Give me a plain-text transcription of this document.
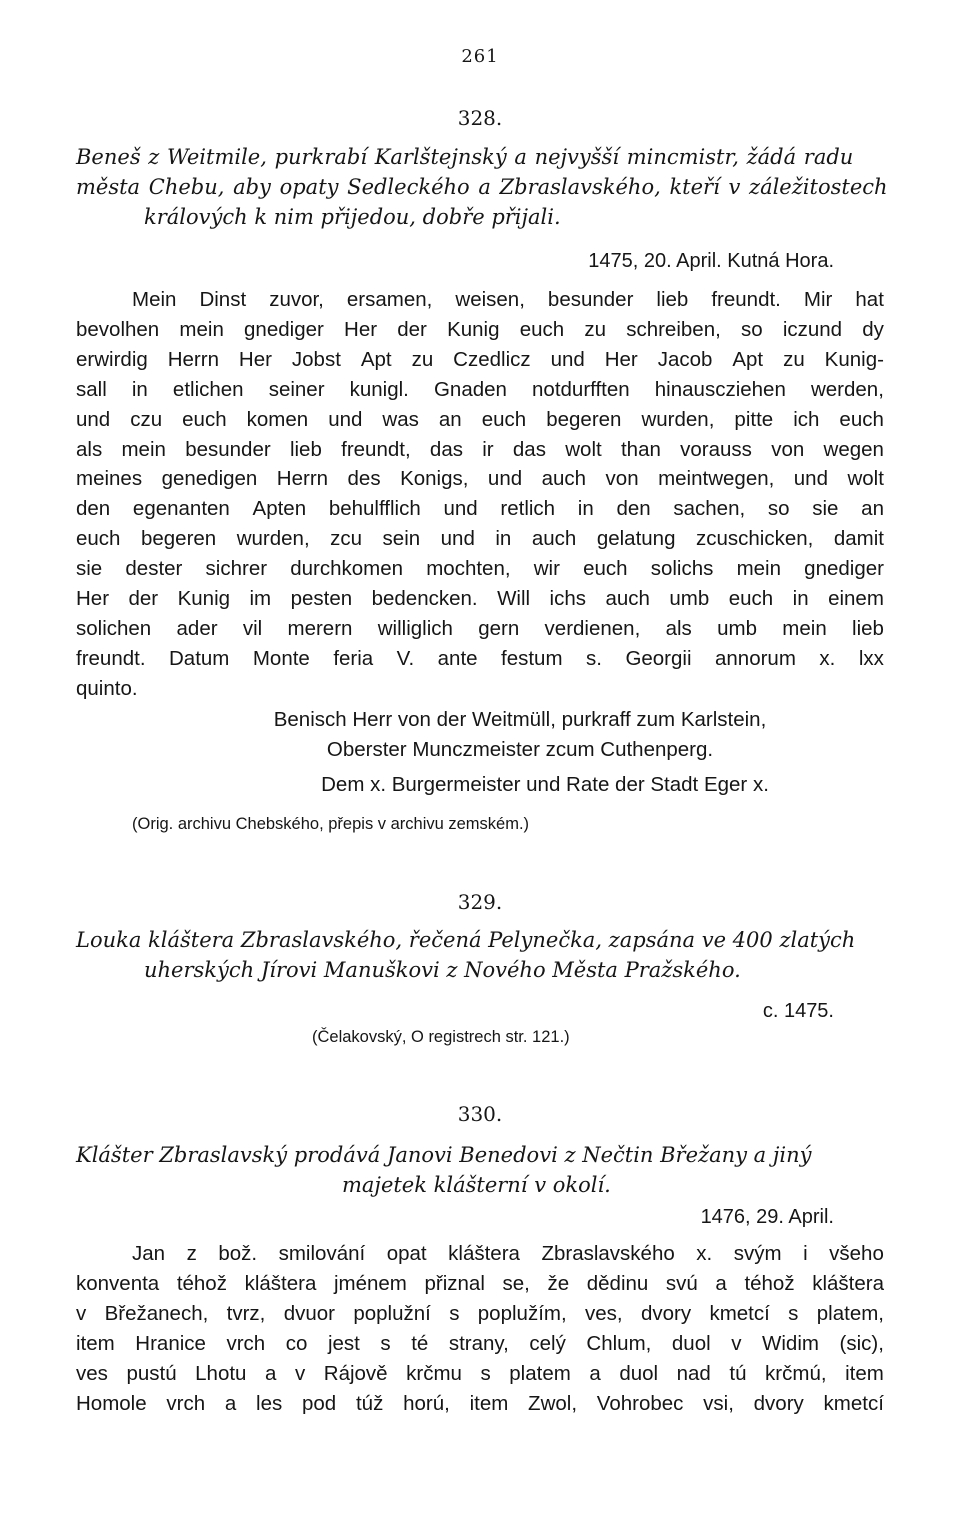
261
328.
Beneš z Weitmile, purkrabí Karlštejnský a nejvyšší mincmistr, žádá radu
města Chebu, aby opaty Sedleckého a Zbraslavského, kteří v záležitostech
králových k nim přijedou, dobře přijali.
1475, 20. April. Kutná Hora.
Mein Dinst zuvor, ersamen, weisen, besunder lieb freundt. Mir hat
bevolhen mein gnediger Her der Kunig euch zu schreiben, so iczund dy
erwirdig Herrn Her Jobst Apt zu Czedlicz und Her Jacob Apt zu Kunig-
sall in etlichen seiner kunigl. Gnaden notdurfften hinauscziehen werden,
und czu euch komen und was an euch begeren wurden, pitte ich euch
als mein besunder lieb freundt, das ir das wolt than vorauss von wegen
meines genedigen Herrn des Konigs, und auch von meintwegen, und wolt
den egenanten Apten behulfflich und retlich in den sachen, so sie an
euch begeren wurden, zcu sein und in auch gelatung zcuschicken, damit
sie dester sichrer durchkomen mochten, wir euch solichs mein gnediger
Her der Kunig im pesten bedencken. Will ichs auch umb euch in einem
solichen ader vil merern williglich gern verdienen, als umb mein lieb
freundt. Datum Monte feria V. ante festum s. Georgii annorum x. lxx
quinto.
Benisch Herr von der Weitmüll, purkraff zum Karlstein,
Oberster Munczmeister zcum Cuthenperg.
Dem x. Burgermeister und Rate der Stadt Eger x.
(Orig. archivu Chebského, přepis v archivu zemském.)
329.
Louka kláštera Zbraslavského, řečená Pelynečka, zapsána ve 400 zlatých
uherských Jírovi Manuškovi z Nového Města Pražského.
c. 1475.
(Čelakovský, O registrech str. 121.)
330.
Klášter Zbraslavský prodává Janovi Benedovi z Nečtin Břežany a jiný
majetek klášterní v okolí.
1476, 29. April.
Jan z bož. smilování opat kláštera Zbraslavského x. svým i všeho
konventa téhož kláštera jménem přiznal se, že dědinu svú a téhož kláštera
v Břežanech, tvrz, dvuor poplužní s poplužím, ves, dvory kmetcí s platem,
item Hranice vrch co jest s té strany, celý Chlum, duol v Widim (sic),
ves pustú Lhotu a v Rájově krčmu s platem a duol nad tú krčmú, item
Homole vrch a les pod túž horú, item Zwol, Vohrobec vsi, dvory kmetcí
